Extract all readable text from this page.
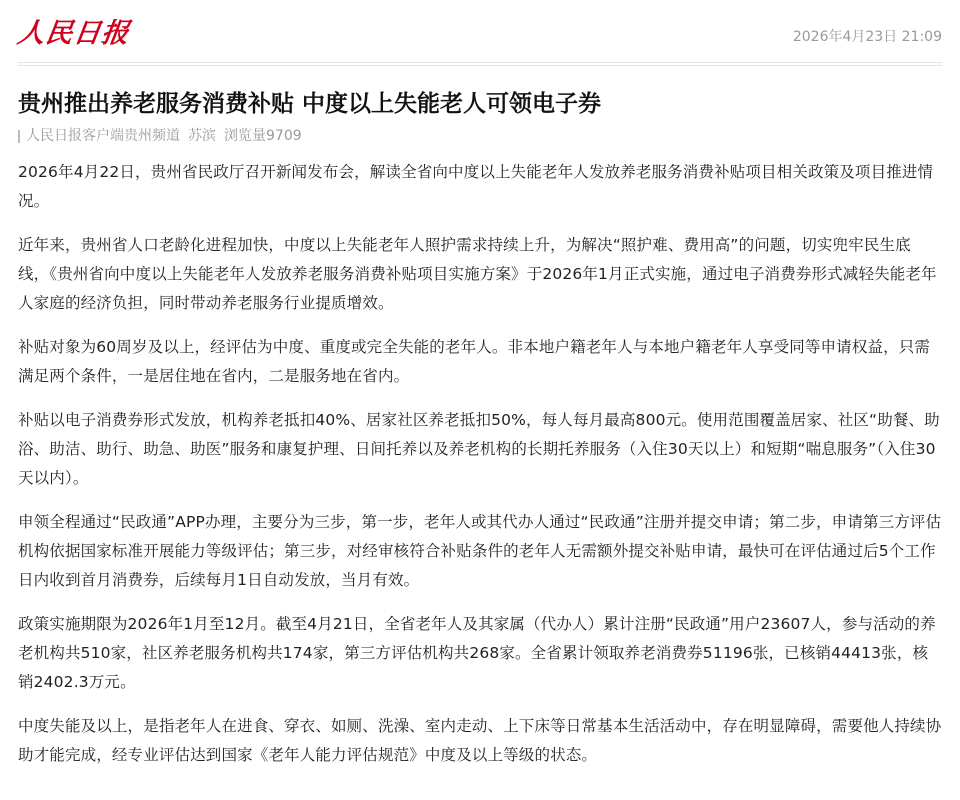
人民日报	2026年4月23日 21:09
贵州推出养老服务消费补贴 中度以上失能老人可领电子券
人民日报客户端贵州频道 苏滨 浏览量9709

2026年4月22日，贵州省民政厅召开新闻发布会，解读全省向中度以上失能老年人发放养老服务消费补贴项目相关政策及项目推进情况。

近年来，贵州省人口老龄化进程加快，中度以上失能老年人照护需求持续上升，为解决“照护难、费用高”的问题，切实兜牢民生底线，《贵州省向中度以上失能老年人发放养老服务消费补贴项目实施方案》于2026年1月正式实施，通过电子消费券形式减轻失能老年人家庭的经济负担，同时带动养老服务行业提质增效。

补贴对象为60周岁及以上，经评估为中度、重度或完全失能的老年人。非本地户籍老年人与本地户籍老年人享受同等申请权益，只需满足两个条件，一是居住地在省内，二是服务地在省内。

补贴以电子消费券形式发放，机构养老抵扣40%、居家社区养老抵扣50%，每人每月最高800元。使用范围覆盖居家、社区“助餐、助浴、助洁、助行、助急、助医”服务和康复护理、日间托养以及养老机构的长期托养服务（入住30天以上）和短期“喘息服务”（入住30天以内）。

申领全程通过“民政通”APP办理，主要分为三步，第一步，老年人或其代办人通过“民政通”注册并提交申请；第二步，申请第三方评估机构依据国家标准开展能力等级评估；第三步，对经审核符合补贴条件的老年人无需额外提交补贴申请，最快可在评估通过后5个工作日内收到首月消费券，后续每月1日自动发放，当月有效。

政策实施期限为2026年1月至12月。截至4月21日，全省老年人及其家属（代办人）累计注册“民政通”用户23607人，参与活动的养老机构共510家，社区养老服务机构共174家，第三方评估机构共268家。全省累计领取养老消费券51196张，已核销44413张，核销2402.3万元。

中度失能及以上，是指老年人在进食、穿衣、如厕、洗澡、室内走动、上下床等日常基本生活活动中，存在明显障碍，需要他人持续协助才能完成，经专业评估达到国家《老年人能力评估规范》中度及以上等级的状态。
